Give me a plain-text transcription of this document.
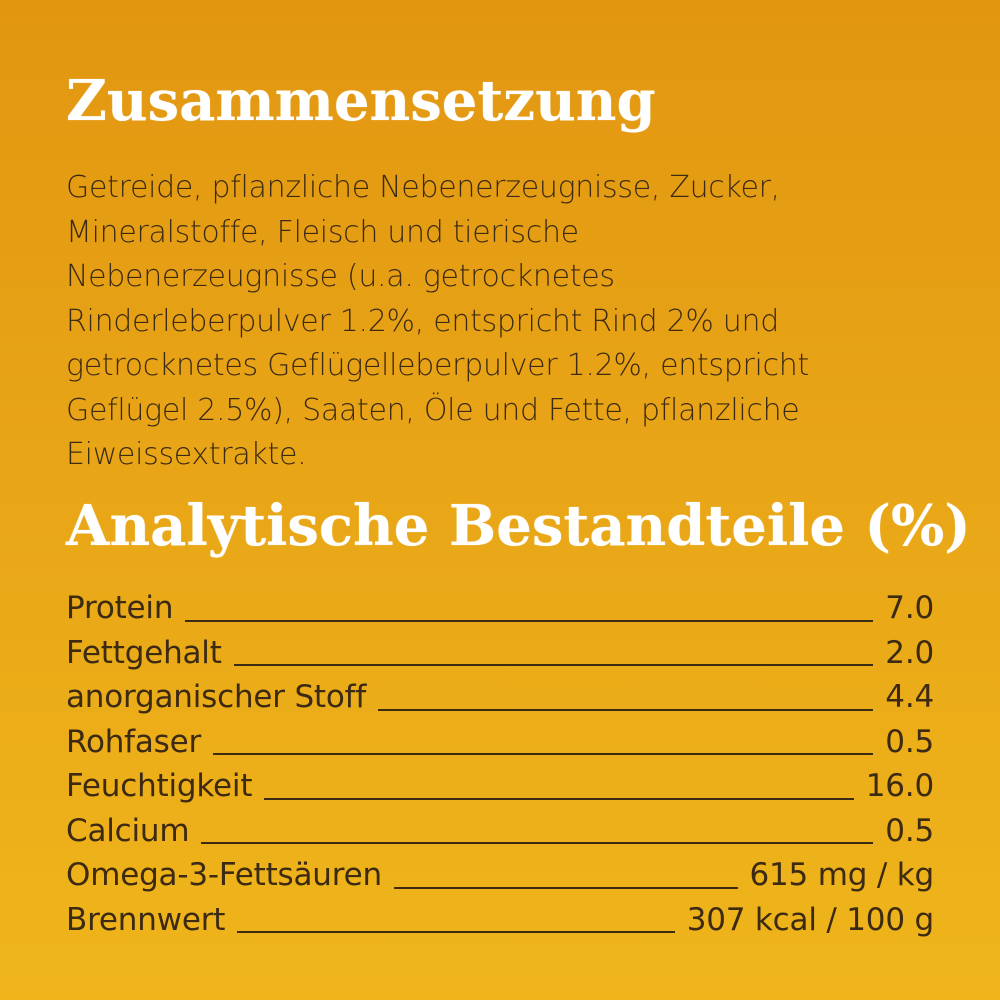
Zusammensetzung
Getreide, pflanzliche Nebenerzeugnisse, Zucker,
Mineralstoffe, Fleisch und tierische
Nebenerzeugnisse (u.a. getrocknetes
Rinderleberpulver 1.2%, entspricht Rind 2% und
getrocknetes Geflügelleberpulver 1.2%, entspricht
Geflügel 2.5%), Saaten, Öle und Fette, pflanzliche
Eiweissextrakte.
Analytische Bestandteile (%)
Protein	7.0
Fettgehalt	2.0
anorganischer Stoff	4.4
Rohfaser	0.5
Feuchtigkeit	16.0
Calcium	0.5
Omega-3-Fettsäuren	615 mg / kg
Brennwert	307 kcal / 100 g
